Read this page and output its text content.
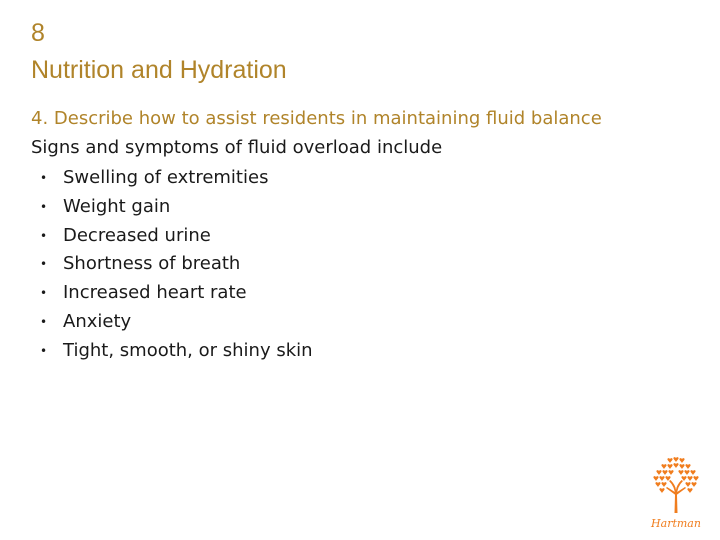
8
Nutrition and Hydration
4. Describe how to assist residents in maintaining fluid balance
Signs and symptoms of fluid overload include
• Swelling of extremities
• Weight gain
• Decreased urine
• Shortness of breath
• Increased heart rate
• Anxiety
• Tight, smooth, or shiny skin
Hartman
